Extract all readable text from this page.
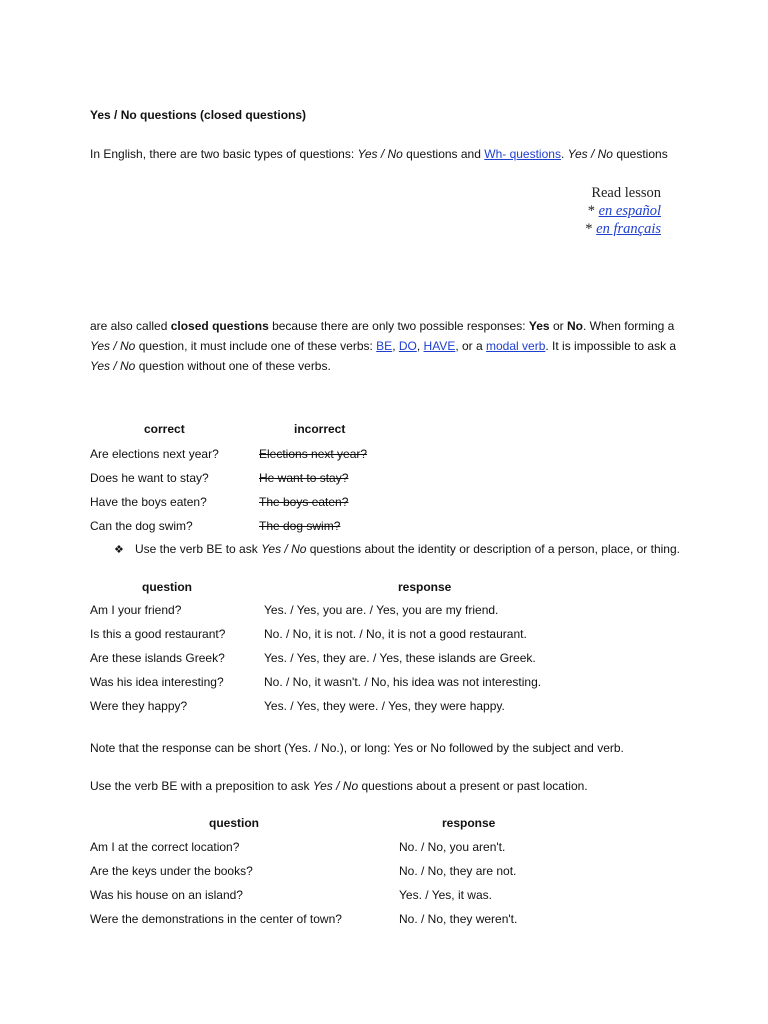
Yes / No questions (closed questions)
In English, there are two basic types of questions: Yes / No questions and Wh- questions. Yes / No questions
Read lesson
* en español
* en français
are also called closed questions because there are only two possible responses: Yes or No. When forming a Yes / No question, it must include one of these verbs: BE, DO, HAVE, or a modal verb. It is impossible to ask a Yes / No question without one of these verbs.
correct	incorrect
Are elections next year?	Elections next year?
Does he want to stay?	He want to stay?
Have the boys eaten?	The boys eaten?
Can the dog swim?	The dog swim?
❖ Use the verb BE to ask Yes / No questions about the identity or description of a person, place, or thing.
question	response
Am I your friend?	Yes. / Yes, you are. / Yes, you are my friend.
Is this a good restaurant?	No. / No, it is not. / No, it is not a good restaurant.
Are these islands Greek?	Yes. / Yes, they are. / Yes, these islands are Greek.
Was his idea interesting?	No. / No, it wasn't. / No, his idea was not interesting.
Were they happy?	Yes. / Yes, they were. / Yes, they were happy.
Note that the response can be short (Yes. / No.), or long: Yes or No followed by the subject and verb.
Use the verb BE with a preposition to ask Yes / No questions about a present or past location.
question	response
Am I at the correct location?	No. / No, you aren't.
Are the keys under the books?	No. / No, they are not.
Was his house on an island?	Yes. / Yes, it was.
Were the demonstrations in the center of town?	No. / No, they weren't.
